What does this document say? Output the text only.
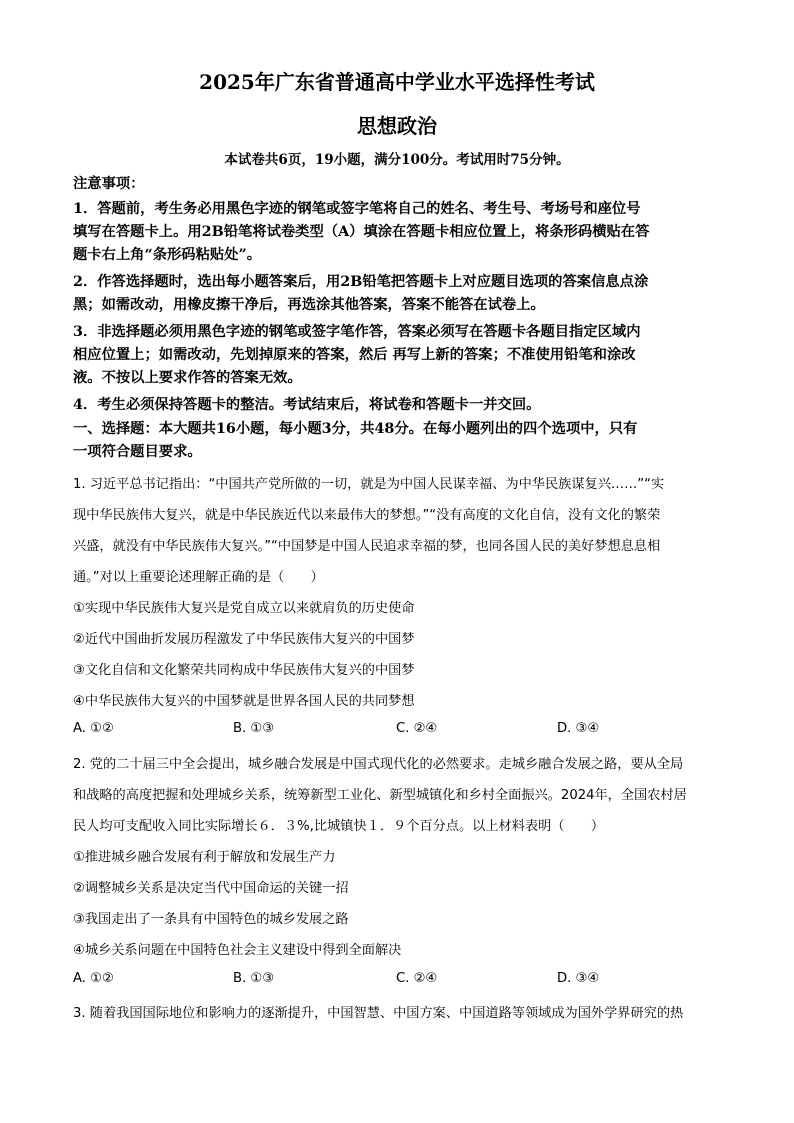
2025年广东省普通高中学业水平选择性考试
思想政治
本试卷共6页，19小题，满分100分。考试用时75分钟。
注意事项：
1．答题前，考生务必用黑色字迹的钢笔或签字笔将自己的姓名、考生号、考场号和座位号
填写在答题卡上。用2B铅笔将试卷类型（A）填涂在答题卡相应位置上，将条形码横贴在答
题卡右上角“条形码粘贴处”。
2．作答选择题时，选出每小题答案后，用2B铅笔把答题卡上对应题目选项的答案信息点涂
黑；如需改动，用橡皮擦干净后，再选涂其他答案，答案不能答在试卷上。
3．非选择题必须用黑色字迹的钢笔或签字笔作答，答案必须写在答题卡各题目指定区域内
相应位置上；如需改动，先划掉原来的答案，然后 再写上新的答案；不准使用铅笔和涂改
液。不按以上要求作答的答案无效。
4．考生必须保持答题卡的整洁。考试结束后，将试卷和答题卡一并交回。
一、选择题：本大题共16小题，每小题3分，共48分。在每小题列出的四个选项中，只有
一项符合题目要求。
1. 习近平总书记指出：“中国共产党所做的一切，就是为中国人民谋幸福、为中华民族谋复兴……”“实
现中华民族伟大复兴，就是中华民族近代以来最伟大的梦想。”“没有高度的文化自信，没有文化的繁荣
兴盛，就没有中华民族伟大复兴。”“中国梦是中国人民追求幸福的梦，也同各国人民的美好梦想息息相
通。”对以上重要论述理解正确的是（　　）
①实现中华民族伟大复兴是党自成立以来就肩负的历史使命
②近代中国曲折发展历程激发了中华民族伟大复兴的中国梦
③文化自信和文化繁荣共同构成中华民族伟大复兴的中国梦
④中华民族伟大复兴的中国梦就是世界各国人民的共同梦想
A. ①②	B. ①③	C. ②④	D. ③④
2. 党的二十届三中全会提出，城乡融合发展是中国式现代化的必然要求。走城乡融合发展之路，要从全局
和战略的高度把握和处理城乡关系，统筹新型工业化、新型城镇化和乡村全面振兴。2024年，全国农村居
民人均可支配收入同比实际增长６．３%,比城镇快１．９个百分点。以上材料表明（　　）
①推进城乡融合发展有利于解放和发展生产力
②调整城乡关系是决定当代中国命运的关键一招
③我国走出了一条具有中国特色的城乡发展之路
④城乡关系问题在中国特色社会主义建设中得到全面解决
A. ①②	B. ①③	C. ②④	D. ③④
3. 随着我国国际地位和影响力的逐渐提升，中国智慧、中国方案、中国道路等领域成为国外学界研究的热
